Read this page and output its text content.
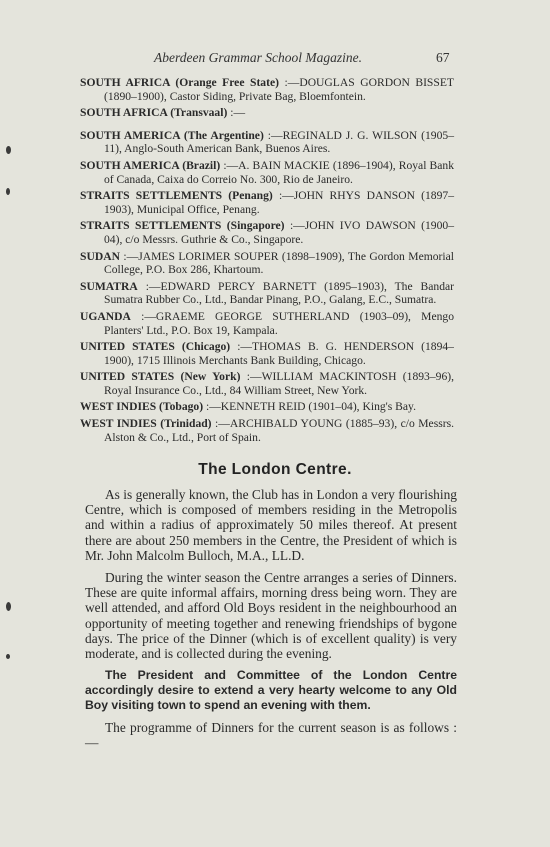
Aberdeen Grammar School Magazine.	67
SOUTH AFRICA (Orange Free State) :—DOUGLAS GORDON BISSET (1890–1900), Castor Siding, Private Bag, Bloemfontein.
SOUTH AFRICA (Transvaal) :—
SOUTH AMERICA (The Argentine) :—REGINALD J. G. WILSON (1905–11), Anglo-South American Bank, Buenos Aires.
SOUTH AMERICA (Brazil) :—A. BAIN MACKIE (1896–1904), Royal Bank of Canada, Caixa do Correio No. 300, Rio de Janeiro.
STRAITS SETTLEMENTS (Penang) :—JOHN RHYS DANSON (1897–1903), Municipal Office, Penang.
STRAITS SETTLEMENTS (Singapore) :—JOHN IVO DAWSON (1900–04), c/o Messrs. Guthrie & Co., Singapore.
SUDAN :—JAMES LORIMER SOUPER (1898–1909), The Gordon Memorial College, P.O. Box 286, Khartoum.
SUMATRA :—EDWARD PERCY BARNETT (1895–1903), The Bandar Sumatra Rubber Co., Ltd., Bandar Pinang, P.O., Galang, E.C., Sumatra.
UGANDA :—GRAEME GEORGE SUTHERLAND (1903–09), Mengo Planters' Ltd., P.O. Box 19, Kampala.
UNITED STATES (Chicago) :—THOMAS B. G. HENDERSON (1894–1900), 1715 Illinois Merchants Bank Building, Chicago.
UNITED STATES (New York) :—WILLIAM MACKINTOSH (1893–96), Royal Insurance Co., Ltd., 84 William Street, New York.
WEST INDIES (Tobago) :—KENNETH REID (1901–04), King's Bay.
WEST INDIES (Trinidad) :—ARCHIBALD YOUNG (1885–93), c/o Messrs. Alston & Co., Ltd., Port of Spain.
The London Centre.

As is generally known, the Club has in London a very flourishing Centre, which is composed of members residing in the Metropolis and within a radius of approximately 50 miles thereof. At present there are about 250 members in the Centre, the President of which is Mr. John Malcolm Bulloch, M.A., LL.D.

During the winter season the Centre arranges a series of Dinners. These are quite informal affairs, morning dress being worn. They are well attended, and afford Old Boys resident in the neighbourhood an opportunity of meeting together and renewing friendships of bygone days. The price of the Dinner (which is of excellent quality) is very moderate, and is collected during the evening.

The President and Committee of the London Centre accordingly desire to extend a very hearty welcome to any Old Boy visiting town to spend an evening with them.

The programme of Dinners for the current season is as follows :—
